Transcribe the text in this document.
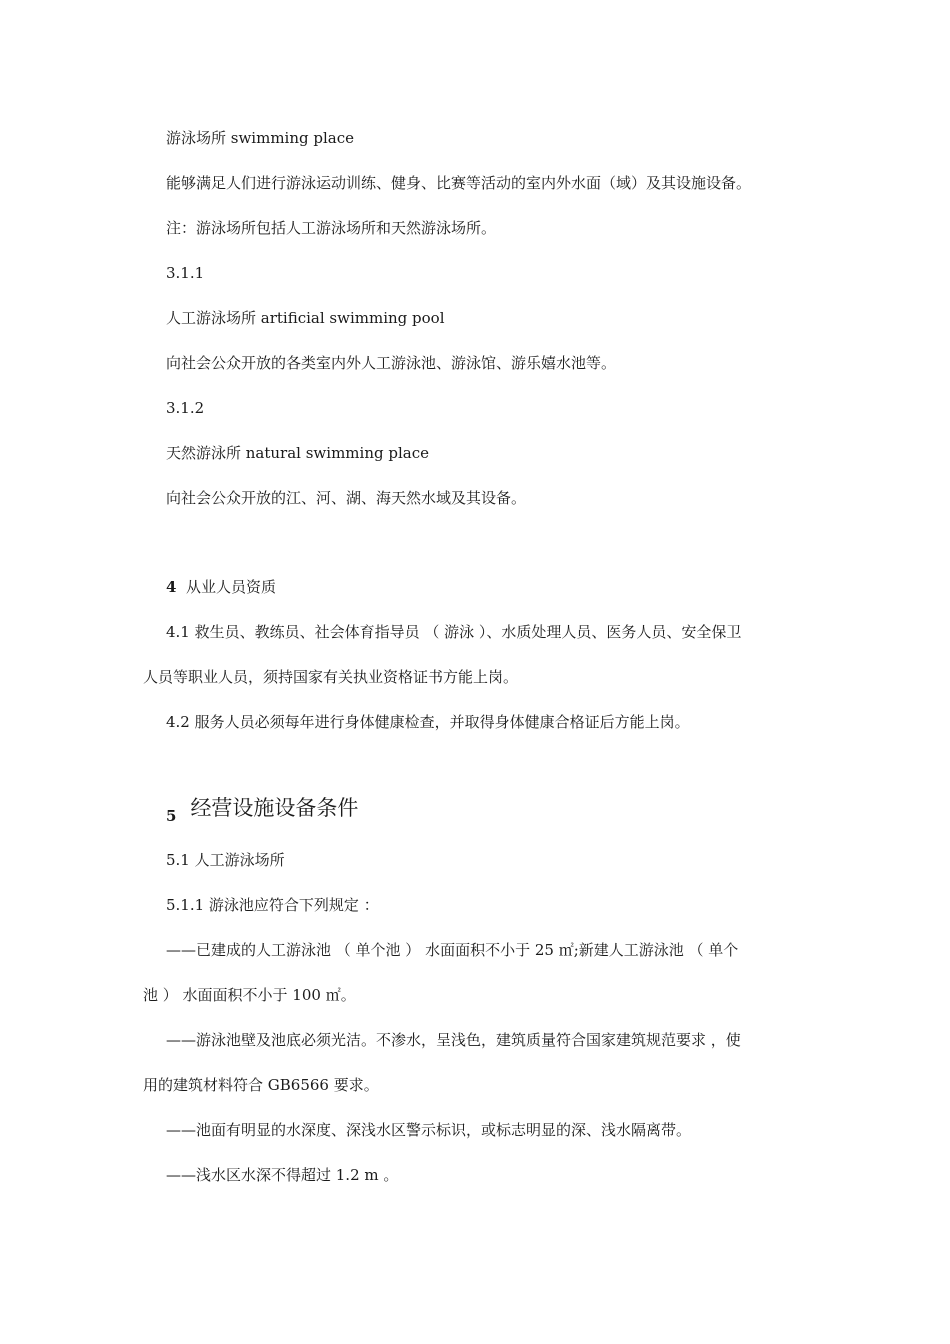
游泳场所 swimming place
能够满足人们进行游泳运动训练、健身、比赛等活动的室内外水面（域）及其设施设备。
注：游泳场所包括人工游泳场所和天然游泳场所。
3.1.1
人工游泳场所 artificial swimming pool
向社会公众开放的各类室内外人工游泳池、游泳馆、游乐嬉水池等。
3.1.2
天然游泳所 natural swimming place
向社会公众开放的江、河、湖、海天然水域及其设备。
4 从业人员资质
4.1 救生员、教练员、社会体育指导员 （ 游泳 ）、水质处理人员、医务人员、安全保卫
人员等职业人员，须持国家有关执业资格证书方能上岗。
4.2 服务人员必须每年进行身体健康检查，并取得身体健康合格证后方能上岗。
5 经营设施设备条件
5.1 人工游泳场所
5.1.1 游泳池应符合下列规定 ：
——已建成的人工游泳池 （ 单个池 ） 水面面积不小于 25 ㎡;新建人工游泳池 （ 单个
池 ） 水面面积不小于 100 ㎡。
——游泳池壁及池底必须光洁。不渗水，呈浅色，建筑质量符合国家建筑规范要求 ，使
用的建筑材料符合 GB6566 要求。
——池面有明显的水深度、深浅水区警示标识，或标志明显的深、浅水隔离带。
——浅水区水深不得超过 1.2 m 。
